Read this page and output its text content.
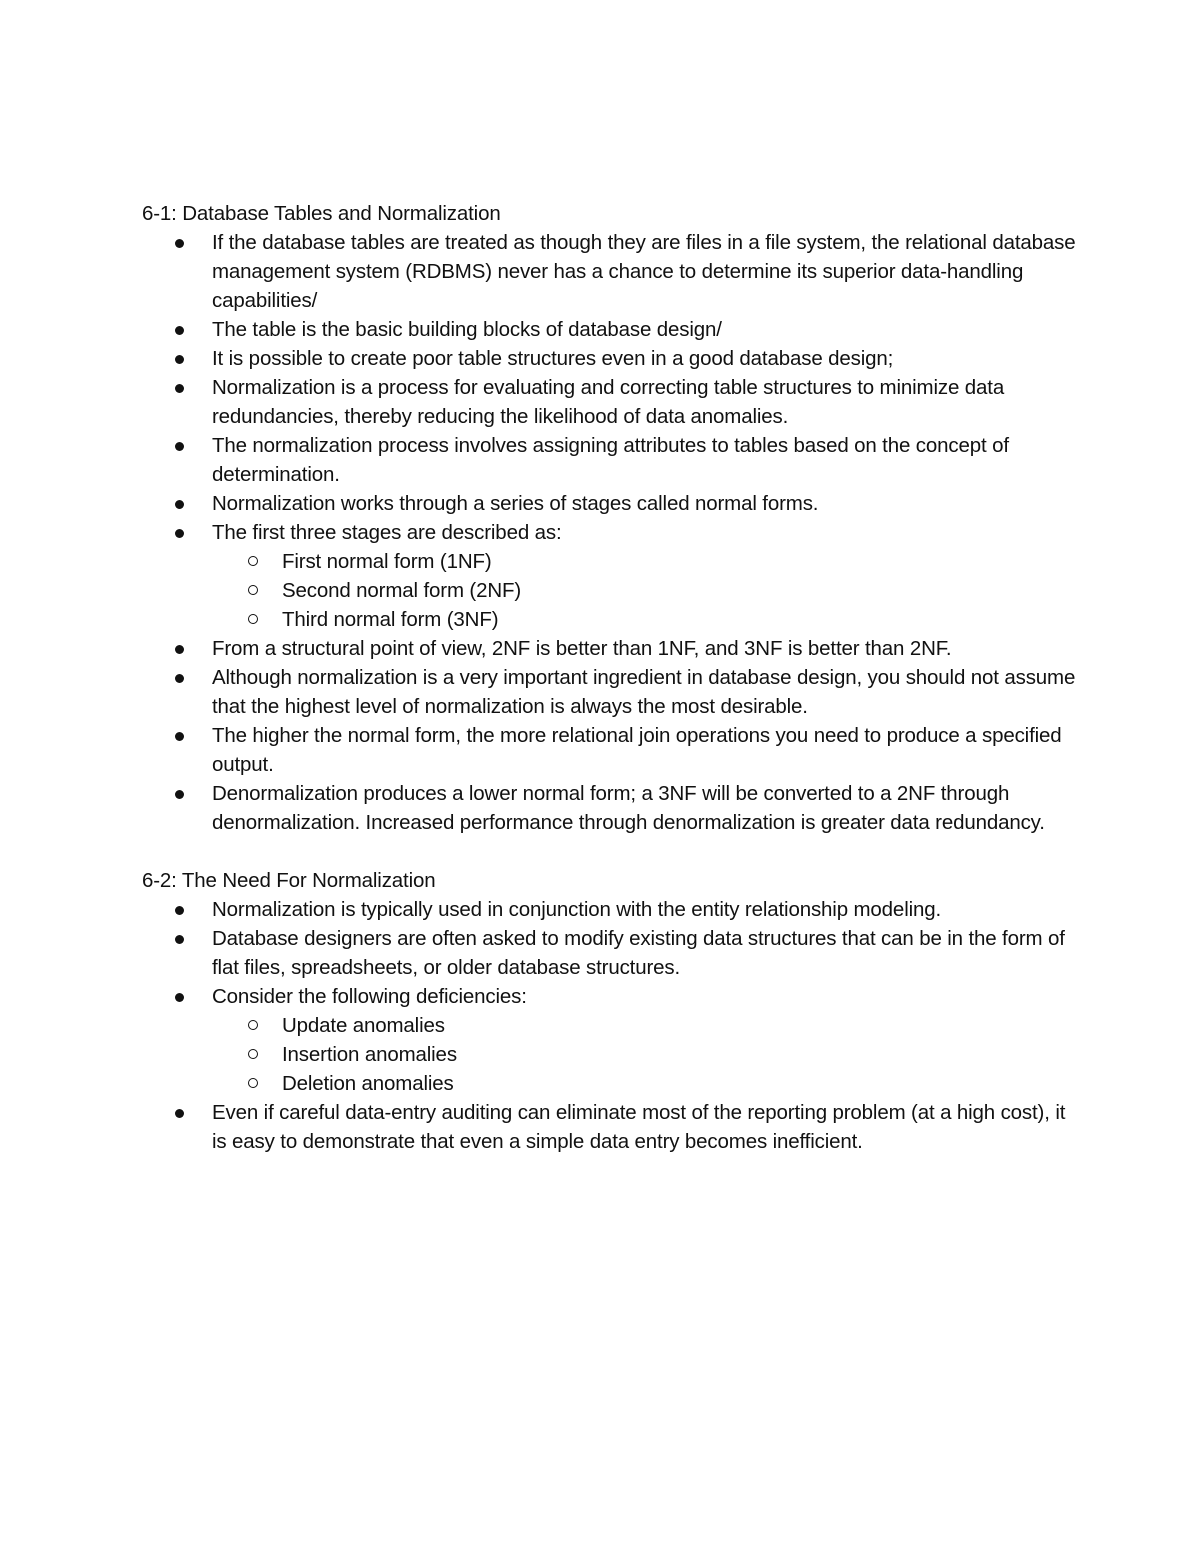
6-1: Database Tables and Normalization
If the database tables are treated as though they are files in a file system, the relational database management system (RDBMS) never has a chance to determine its superior data-handling capabilities/
The table is the basic building blocks of database design/
It is possible to create poor table structures even in a good database design;
Normalization is a process for evaluating and correcting table structures to minimize data redundancies, thereby reducing the likelihood of data anomalies.
The normalization process involves assigning attributes to tables based on the concept of determination.
Normalization works through a series of stages called normal forms.
The first three stages are described as:
First normal form (1NF)
Second normal form (2NF)
Third normal form (3NF)
From a structural point of view, 2NF is better than 1NF, and 3NF is better than 2NF.
Although normalization is a very important ingredient in database design, you should not assume that the highest level of normalization is always the most desirable.
The higher the normal form, the more relational join operations you need to produce a specified output.
Denormalization produces a lower normal form; a 3NF will be converted to a 2NF through denormalization. Increased performance through denormalization is greater data redundancy.
6-2: The Need For Normalization
Normalization is typically used in conjunction with the entity relationship modeling.
Database designers are often asked to modify existing data structures that can be in the form of flat files, spreadsheets, or older database structures.
Consider the following deficiencies:
Update anomalies
Insertion anomalies
Deletion anomalies
Even if careful data-entry auditing can eliminate most of the reporting problem (at a high cost), it is easy to demonstrate that even a simple data entry becomes inefficient.
